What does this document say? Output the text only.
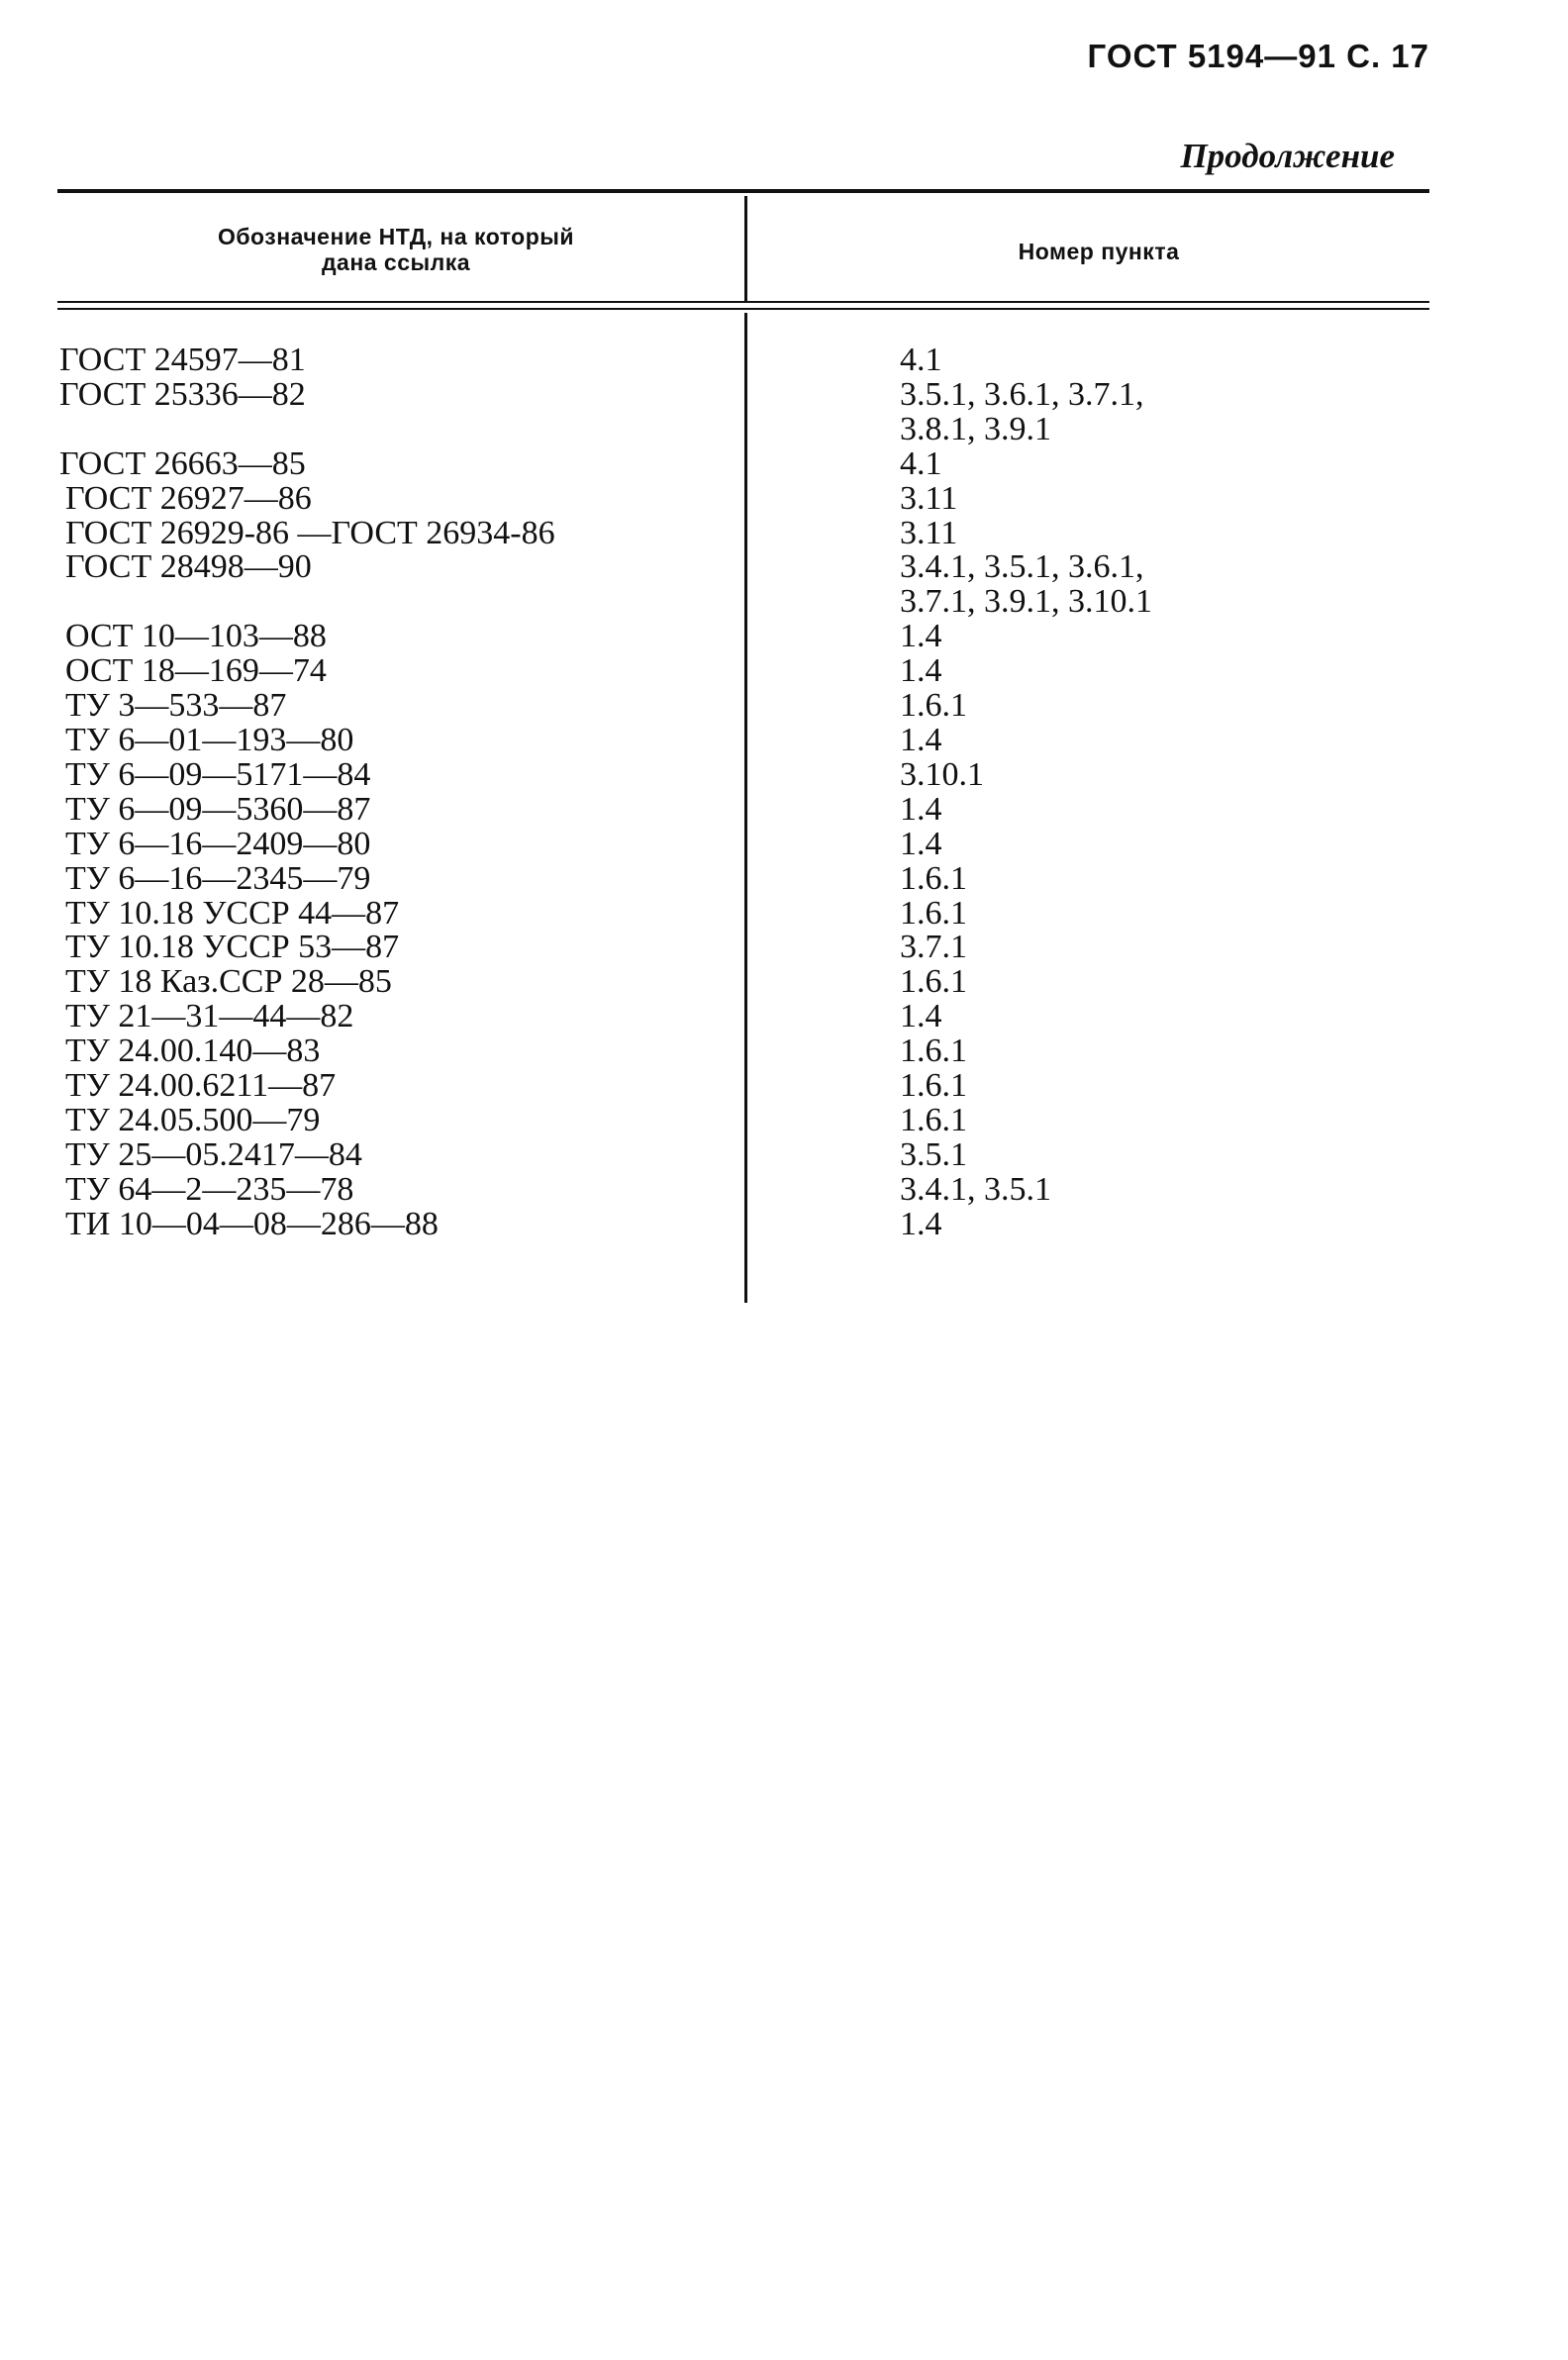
ГОСТ 5194—91 С. 17
Продолжение
Обозначение НТД, на который
дана ссылка	Номер пункта
ГОСТ 24597—81	4.1
ГОСТ 25336—82	3.5.1, 3.6.1, 3.7.1,
3.8.1, 3.9.1
ГОСТ 26663—85	4.1
ГОСТ 26927—86	3.11
ГОСТ 26929-86 —ГОСТ 26934-86	3.11
ГОСТ 28498—90	3.4.1, 3.5.1, 3.6.1,
3.7.1, 3.9.1, 3.10.1
ОСТ 10—103—88	1.4
ОСТ 18—169—74	1.4
ТУ 3—533—87	1.6.1
ТУ 6—01—193—80	1.4
ТУ 6—09—5171—84	3.10.1
ТУ 6—09—5360—87	1.4
ТУ 6—16—2409—80	1.4
ТУ 6—16—2345—79	1.6.1
ТУ 10.18 УССР 44—87	1.6.1
ТУ 10.18 УССР 53—87	3.7.1
ТУ 18 Каз.ССР 28—85	1.6.1
ТУ 21—31—44—82	1.4
ТУ 24.00.140—83	1.6.1
ТУ 24.00.6211—87	1.6.1
ТУ 24.05.500—79	1.6.1
ТУ 25—05.2417—84	3.5.1
ТУ 64—2—235—78	3.4.1, 3.5.1
ТИ 10—04—08—286—88	1.4
